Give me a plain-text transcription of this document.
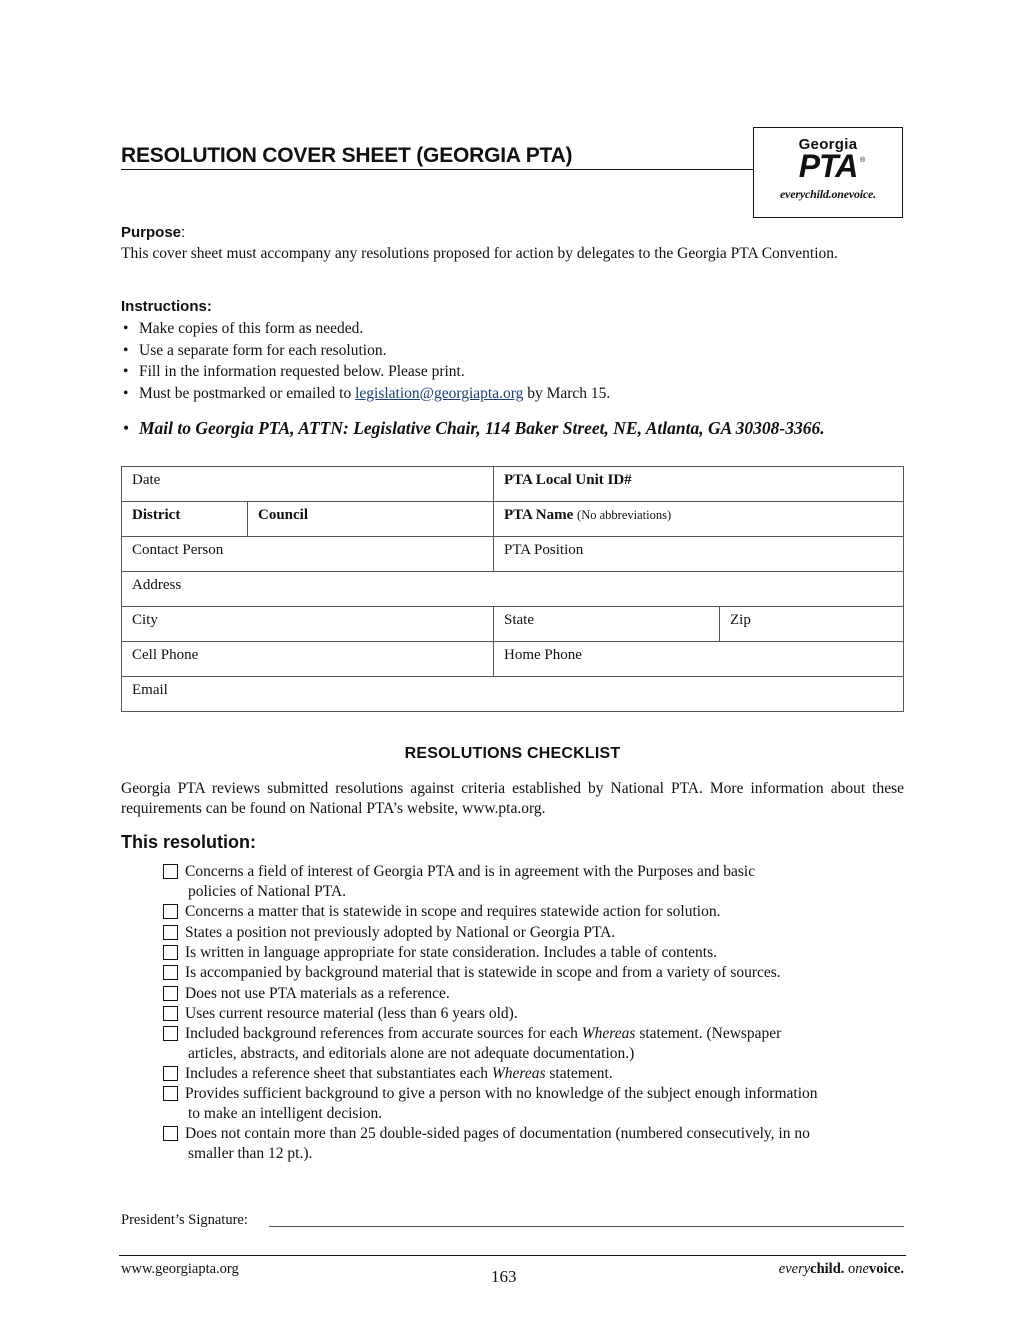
RESOLUTION COVER SHEET (GEORGIA PTA)	Georgia
PTA ®
everychild.onevoice.
Purpose:
This cover sheet must accompany any resolutions proposed for action by delegates to the Georgia PTA Convention.
Instructions:
• Make copies of this form as needed.
• Use a separate form for each resolution.
• Fill in the information requested below. Please print.
• Must be postmarked or emailed to legislation@georgiapta.org by March 15.
• Mail to Georgia PTA, ATTN: Legislative Chair, 114 Baker Street, NE, Atlanta, GA 30308-3366.
Date	PTA Local Unit ID#
District	Council	PTA Name (No abbreviations)
Contact Person	PTA Position
Address
City	State	Zip
Cell Phone	Home Phone
Email
RESOLUTIONS CHECKLIST
Georgia PTA reviews submitted resolutions against criteria established by National PTA. More information about these requirements can be found on National PTA’s website, www.pta.org.
This resolution:
Concerns a field of interest of Georgia PTA and is in agreement with the Purposes and basic
policies of National PTA.
Concerns a matter that is statewide in scope and requires statewide action for solution.
States a position not previously adopted by National or Georgia PTA.
Is written in language appropriate for state consideration. Includes a table of contents.
Is accompanied by background material that is statewide in scope and from a variety of sources.
Does not use PTA materials as a reference.
Uses current resource material (less than 6 years old).
Included background references from accurate sources for each Whereas statement. (Newspaper
articles, abstracts, and editorials alone are not adequate documentation.)
Includes a reference sheet that substantiates each Whereas statement.
Provides sufficient background to give a person with no knowledge of the subject enough information
to make an intelligent decision.
Does not contain more than 25 double-sided pages of documentation (numbered consecutively, in no
smaller than 12 pt.).
President’s Signature:
www.georgiapta.org	163	everychild. onevoice.
